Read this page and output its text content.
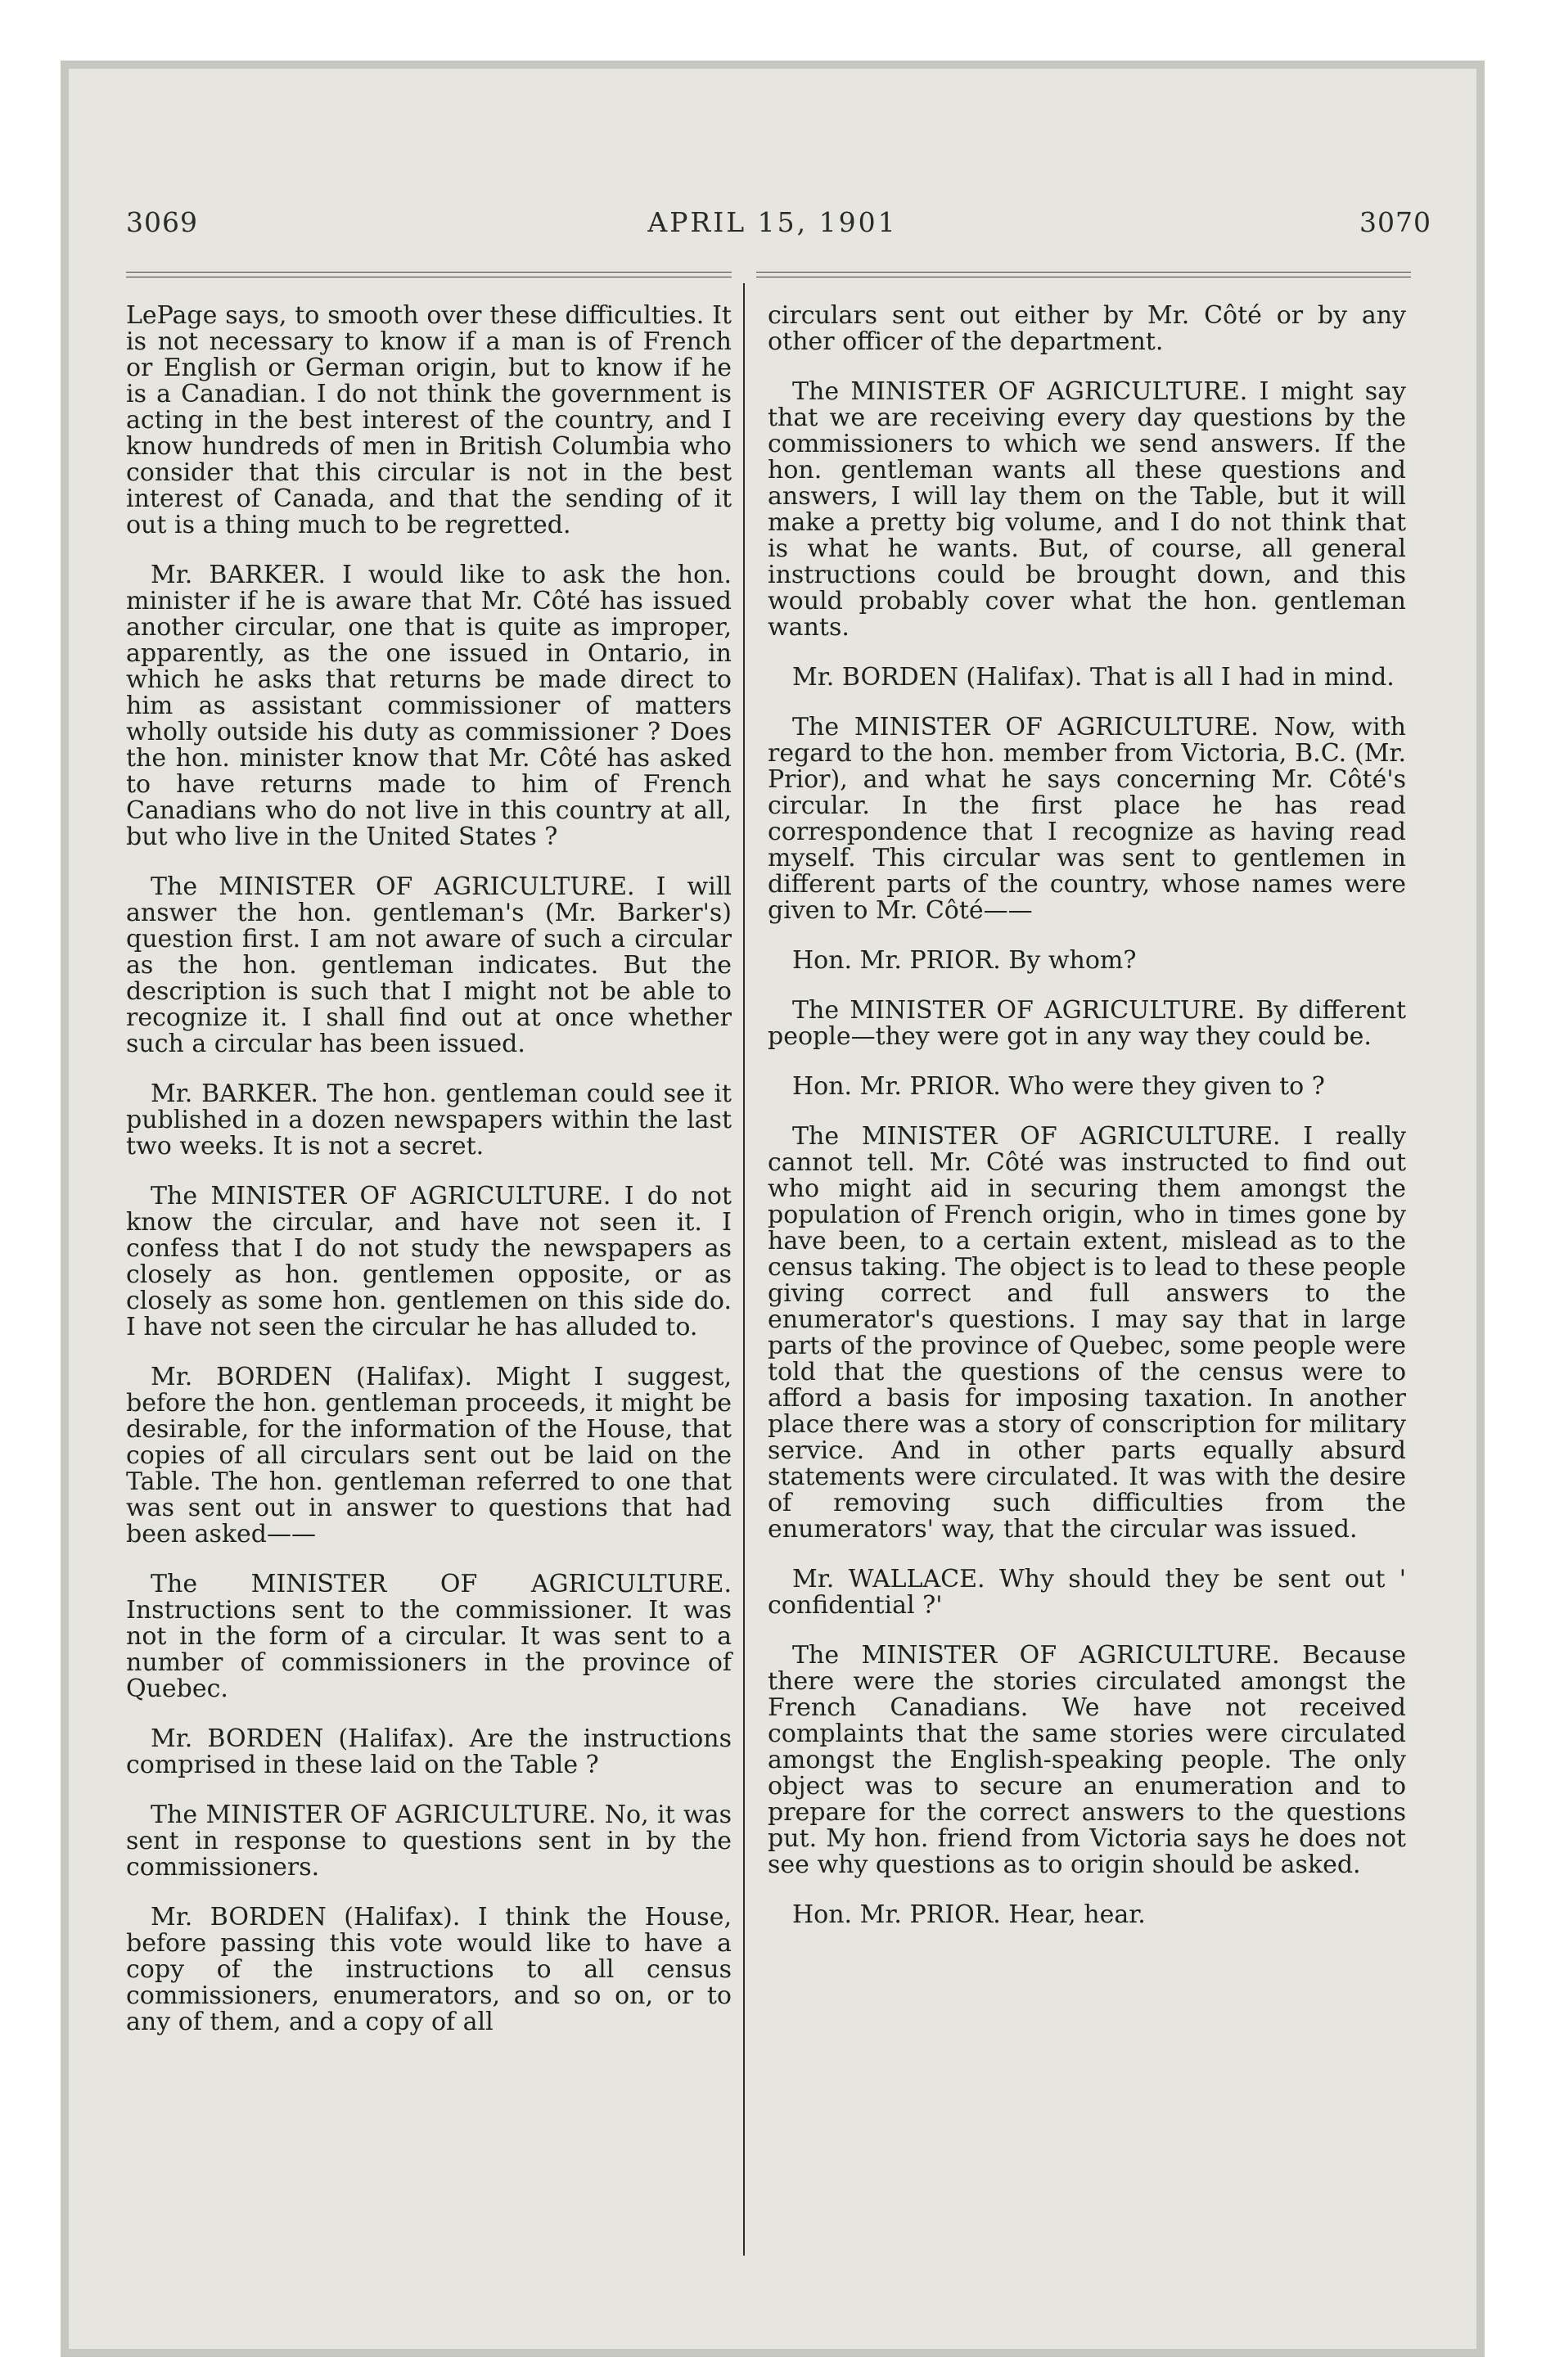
APRIL 15, 1901
3069	3070

LePage says, to smooth over these difficulties. It is not necessary to know if a man is of French or English or German origin, but to know if he is a Canadian. I do not think the government is acting in the best interest of the country, and I know hundreds of men in British Columbia who consider that this circular is not in the best interest of Canada, and that the sending of it out is a thing much to be regretted.

Mr. BARKER. I would like to ask the hon. minister if he is aware that Mr. Côté has issued another circular, one that is quite as improper, apparently, as the one issued in Ontario, in which he asks that returns be made direct to him as assistant commissioner of matters wholly outside his duty as commissioner ? Does the hon. minister know that Mr. Côté has asked to have returns made to him of French Canadians who do not live in this country at all, but who live in the United States ?

The MINISTER OF AGRICULTURE. I will answer the hon. gentleman's (Mr. Barker's) question first. I am not aware of such a circular as the hon. gentleman indicates. But the description is such that I might not be able to recognize it. I shall find out at once whether such a circular has been issued.

Mr. BARKER. The hon. gentleman could see it published in a dozen newspapers within the last two weeks. It is not a secret.

The MINISTER OF AGRICULTURE. I do not know the circular, and have not seen it. I confess that I do not study the newspapers as closely as hon. gentlemen opposite, or as closely as some hon. gentlemen on this side do. I have not seen the circular he has alluded to.

Mr. BORDEN (Halifax). Might I suggest, before the hon. gentleman proceeds, it might be desirable, for the information of the House, that copies of all circulars sent out be laid on the Table. The hon. gentleman referred to one that was sent out in answer to questions that had been asked——

The MINISTER OF AGRICULTURE. Instructions sent to the commissioner. It was not in the form of a circular. It was sent to a number of commissioners in the province of Quebec.

Mr. BORDEN (Halifax). Are the instructions comprised in these laid on the Table ?

The MINISTER OF AGRICULTURE. No, it was sent in response to questions sent in by the commissioners.

Mr. BORDEN (Halifax). I think the House, before passing this vote would like to have a copy of the instructions to all census commissioners, enumerators, and so on, or to any of them, and a copy of all

circulars sent out either by Mr. Côté or by any other officer of the department.

The MINISTER OF AGRICULTURE. I might say that we are receiving every day questions by the commissioners to which we send answers. If the hon. gentleman wants all these questions and answers, I will lay them on the Table, but it will make a pretty big volume, and I do not think that is what he wants. But, of course, all general instructions could be brought down, and this would probably cover what the hon. gentleman wants.

Mr. BORDEN (Halifax). That is all I had in mind.

The MINISTER OF AGRICULTURE. Now, with regard to the hon. member from Victoria, B.C. (Mr. Prior), and what he says concerning Mr. Côté's circular. In the first place he has read correspondence that I recognize as having read myself. This circular was sent to gentlemen in different parts of the country, whose names were given to Mr. Côté——

Hon. Mr. PRIOR. By whom?

The MINISTER OF AGRICULTURE. By different people—they were got in any way they could be.

Hon. Mr. PRIOR. Who were they given to ?

The MINISTER OF AGRICULTURE. I really cannot tell. Mr. Côté was instructed to find out who might aid in securing them amongst the population of French origin, who in times gone by have been, to a certain extent, mislead as to the census taking. The object is to lead to these people giving correct and full answers to the enumerator's questions. I may say that in large parts of the province of Quebec, some people were told that the questions of the census were to afford a basis for imposing taxation. In another place there was a story of conscription for military service. And in other parts equally absurd statements were circulated. It was with the desire of removing such difficulties from the enumerators' way, that the circular was issued.

Mr. WALLACE. Why should they be sent out ' confidential ?'

The MINISTER OF AGRICULTURE. Because there were the stories circulated amongst the French Canadians. We have not received complaints that the same stories were circulated amongst the English-speaking people. The only object was to secure an enumeration and to prepare for the correct answers to the questions put. My hon. friend from Victoria says he does not see why questions as to origin should be asked.

Hon. Mr. PRIOR. Hear, hear.
